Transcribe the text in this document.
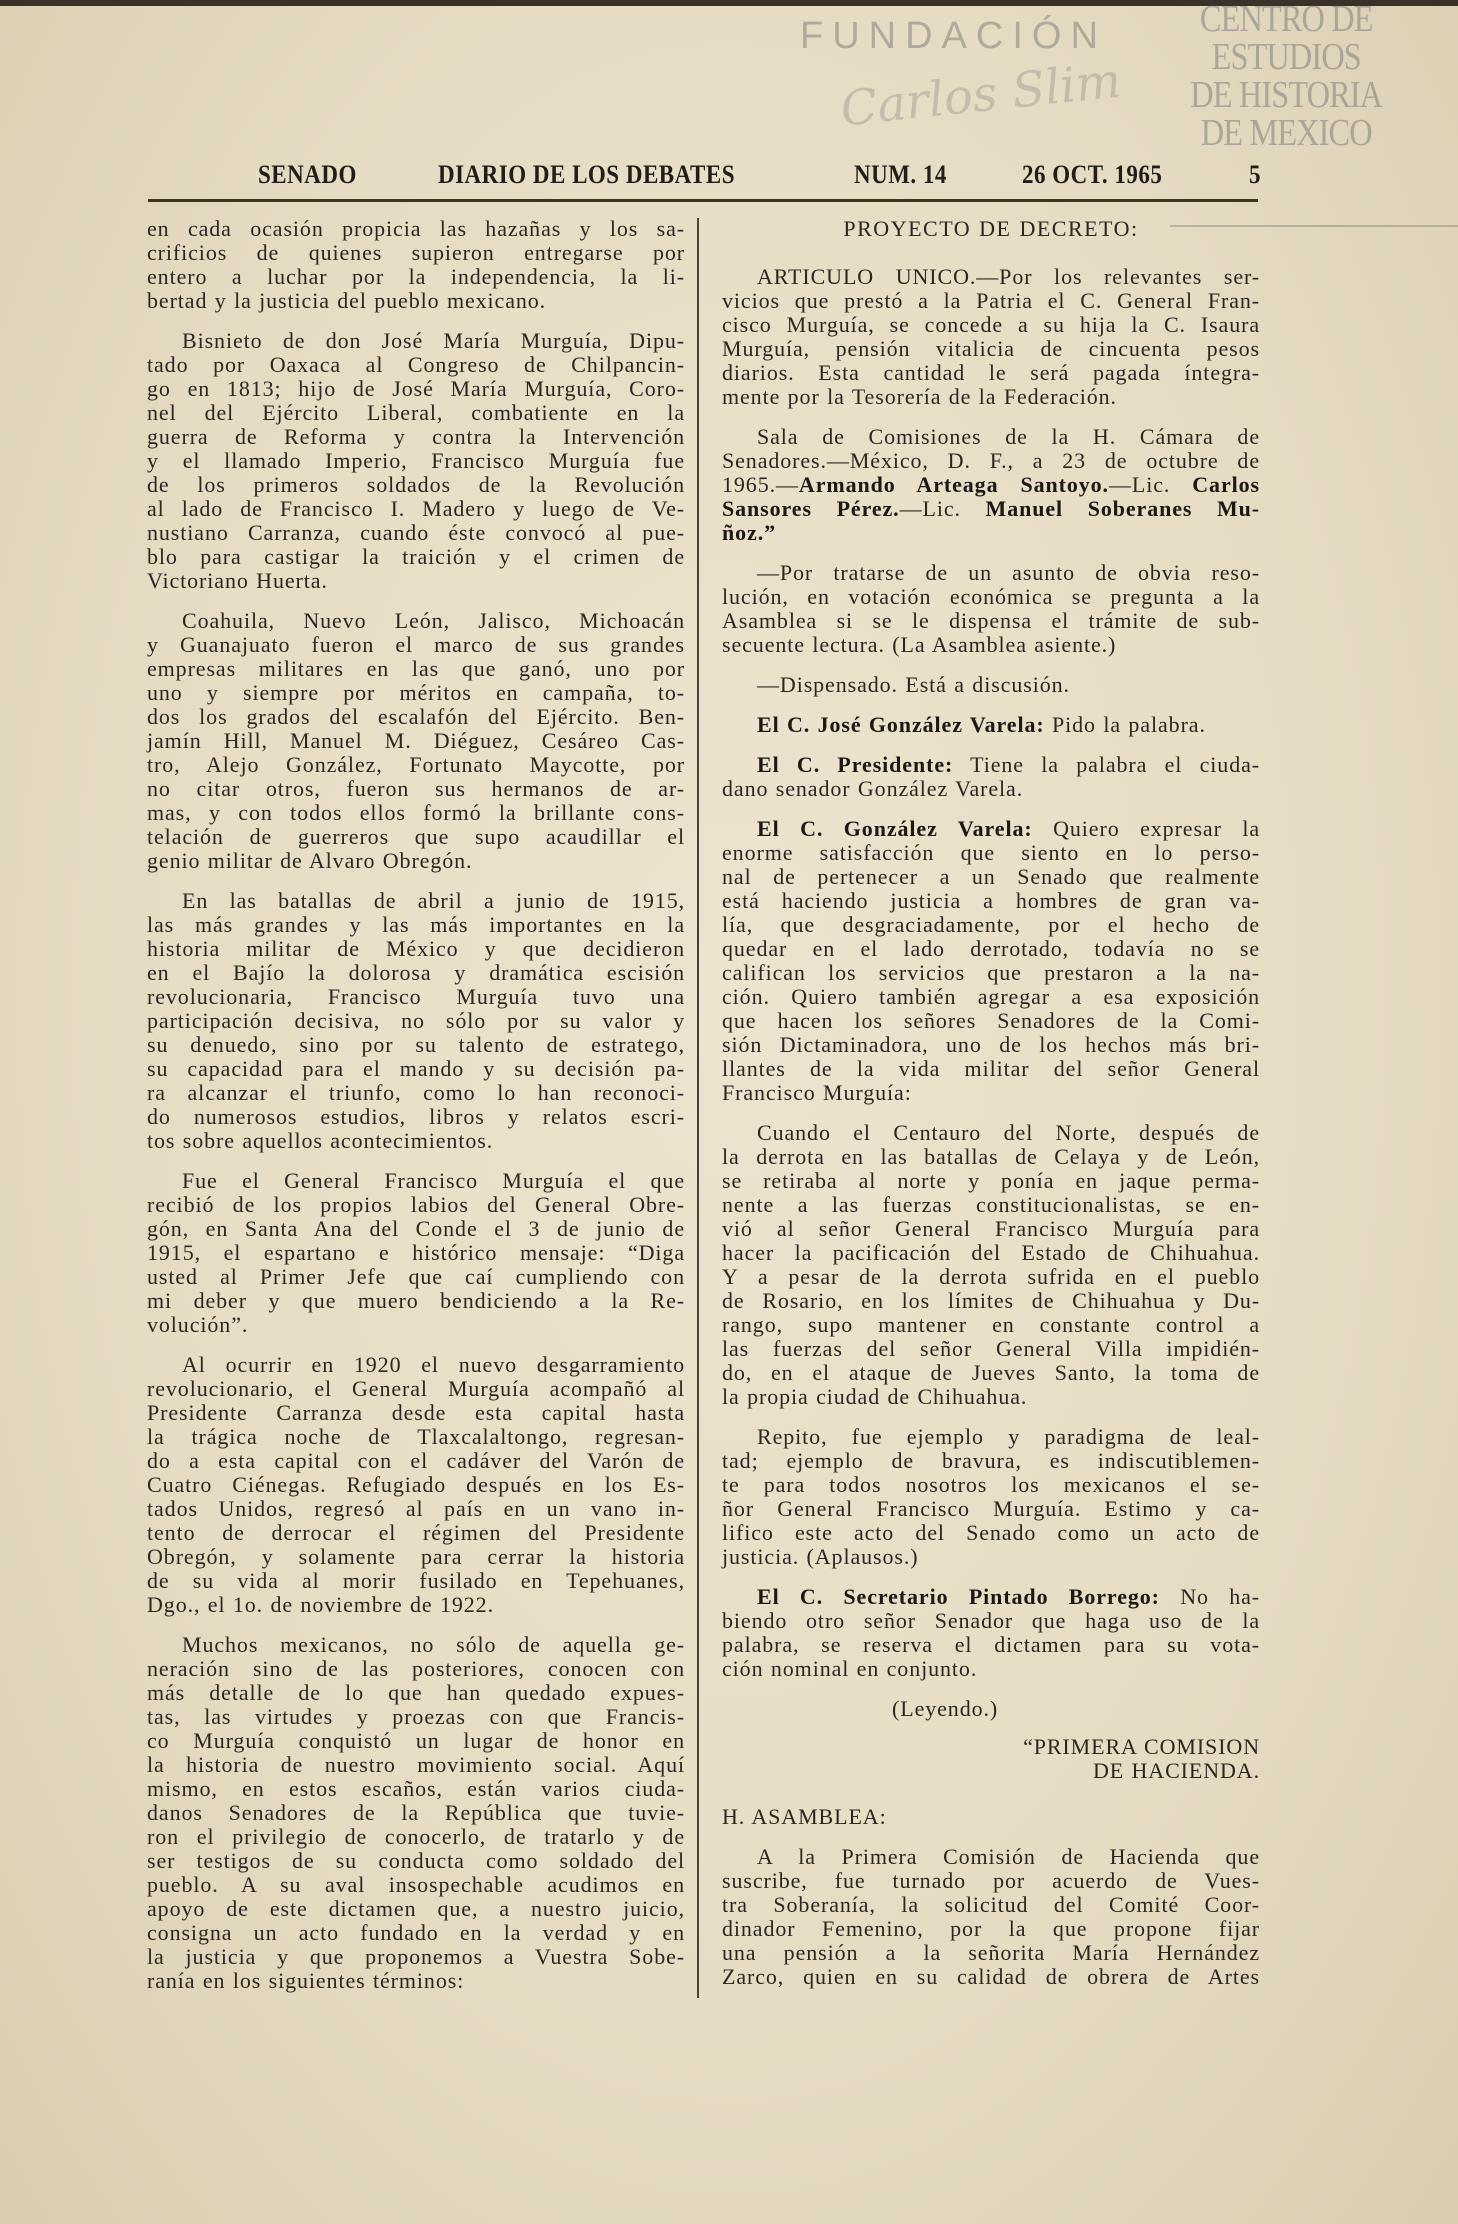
CENTRO DE
ESTUDIOS
DE HISTORIA
DE MEXICO
FUNDACIÓN
Carlos Slim
SENADO	DIARIO DE LOS DEBATES	NUM. 14	26 OCT. 1965	5
en cada ocasión propicia las hazañas y los sa-
crificios de quienes supieron entregarse por
entero a luchar por la independencia, la li-
bertad y la justicia del pueblo mexicano.
Bisnieto de don José María Murguía, Dipu-
tado por Oaxaca al Congreso de Chilpancin-
go en 1813; hijo de José María Murguía, Coro-
nel del Ejército Liberal, combatiente en la
guerra de Reforma y contra la Intervención
y el llamado Imperio, Francisco Murguía fue
de los primeros soldados de la Revolución
al lado de Francisco I. Madero y luego de Ve-
nustiano Carranza, cuando éste convocó al pue-
blo para castigar la traición y el crimen de
Victoriano Huerta.
Coahuila, Nuevo León, Jalisco, Michoacán
y Guanajuato fueron el marco de sus grandes
empresas militares en las que ganó, uno por
uno y siempre por méritos en campaña, to-
dos los grados del escalafón del Ejército. Ben-
jamín Hill, Manuel M. Diéguez, Cesáreo Cas-
tro, Alejo González, Fortunato Maycotte, por
no citar otros, fueron sus hermanos de ar-
mas, y con todos ellos formó la brillante cons-
telación de guerreros que supo acaudillar el
genio militar de Alvaro Obregón.
En las batallas de abril a junio de 1915,
las más grandes y las más importantes en la
historia militar de México y que decidieron
en el Bajío la dolorosa y dramática escisión
revolucionaria, Francisco Murguía tuvo una
participación decisiva, no sólo por su valor y
su denuedo, sino por su talento de estratego,
su capacidad para el mando y su decisión pa-
ra alcanzar el triunfo, como lo han reconoci-
do numerosos estudios, libros y relatos escri-
tos sobre aquellos acontecimientos.
Fue el General Francisco Murguía el que
recibió de los propios labios del General Obre-
gón, en Santa Ana del Conde el 3 de junio de
1915, el espartano e histórico mensaje: “Diga
usted al Primer Jefe que caí cumpliendo con
mi deber y que muero bendiciendo a la Re-
volución”.
Al ocurrir en 1920 el nuevo desgarramiento
revolucionario, el General Murguía acompañó al
Presidente Carranza desde esta capital hasta
la trágica noche de Tlaxcalaltongo, regresan-
do a esta capital con el cadáver del Varón de
Cuatro Ciénegas. Refugiado después en los Es-
tados Unidos, regresó al país en un vano in-
tento de derrocar el régimen del Presidente
Obregón, y solamente para cerrar la historia
de su vida al morir fusilado en Tepehuanes,
Dgo., el 1o. de noviembre de 1922.
Muchos mexicanos, no sólo de aquella ge-
neración sino de las posteriores, conocen con
más detalle de lo que han quedado expues-
tas, las virtudes y proezas con que Francis-
co Murguía conquistó un lugar de honor en
la historia de nuestro movimiento social. Aquí
mismo, en estos escaños, están varios ciuda-
danos Senadores de la República que tuvie-
ron el privilegio de conocerlo, de tratarlo y de
ser testigos de su conducta como soldado del
pueblo. A su aval insospechable acudimos en
apoyo de este dictamen que, a nuestro juicio,
consigna un acto fundado en la verdad y en
la justicia y que proponemos a Vuestra Sobe-
ranía en los siguientes términos:
PROYECTO DE DECRETO:
ARTICULO UNICO.—Por los relevantes ser-
vicios que prestó a la Patria el C. General Fran-
cisco Murguía, se concede a su hija la C. Isaura
Murguía, pensión vitalicia de cincuenta pesos
diarios. Esta cantidad le será pagada íntegra-
mente por la Tesorería de la Federación.
Sala de Comisiones de la H. Cámara de
Senadores.—México, D. F., a 23 de octubre de
1965.—Armando Arteaga Santoyo.—Lic. Carlos
Sansores Pérez.—Lic. Manuel Soberanes Mu-
ñoz.”
—Por tratarse de un asunto de obvia reso-
lución, en votación económica se pregunta a la
Asamblea si se le dispensa el trámite de sub-
secuente lectura. (La Asamblea asiente.)
—Dispensado. Está a discusión.
El C. José González Varela: Pido la palabra.
El C. Presidente: Tiene la palabra el ciuda-
dano senador González Varela.
El C. González Varela: Quiero expresar la
enorme satisfacción que siento en lo perso-
nal de pertenecer a un Senado que realmente
está haciendo justicia a hombres de gran va-
lía, que desgraciadamente, por el hecho de
quedar en el lado derrotado, todavía no se
califican los servicios que prestaron a la na-
ción. Quiero también agregar a esa exposición
que hacen los señores Senadores de la Comi-
sión Dictaminadora, uno de los hechos más bri-
llantes de la vida militar del señor General
Francisco Murguía:
Cuando el Centauro del Norte, después de
la derrota en las batallas de Celaya y de León,
se retiraba al norte y ponía en jaque perma-
nente a las fuerzas constitucionalistas, se en-
vió al señor General Francisco Murguía para
hacer la pacificación del Estado de Chihuahua.
Y a pesar de la derrota sufrida en el pueblo
de Rosario, en los límites de Chihuahua y Du-
rango, supo mantener en constante control a
las fuerzas del señor General Villa impidién-
do, en el ataque de Jueves Santo, la toma de
la propia ciudad de Chihuahua.
Repito, fue ejemplo y paradigma de leal-
tad; ejemplo de bravura, es indiscutiblemen-
te para todos nosotros los mexicanos el se-
ñor General Francisco Murguía. Estimo y ca-
lifico este acto del Senado como un acto de
justicia. (Aplausos.)
El C. Secretario Pintado Borrego: No ha-
biendo otro señor Senador que haga uso de la
palabra, se reserva el dictamen para su vota-
ción nominal en conjunto.
(Leyendo.)
“PRIMERA COMISION
DE HACIENDA.
H. ASAMBLEA:
A la Primera Comisión de Hacienda que
suscribe, fue turnado por acuerdo de Vues-
tra Soberanía, la solicitud del Comité Coor-
dinador Femenino, por la que propone fijar
una pensión a la señorita María Hernández
Zarco, quien en su calidad de obrera de Artes
